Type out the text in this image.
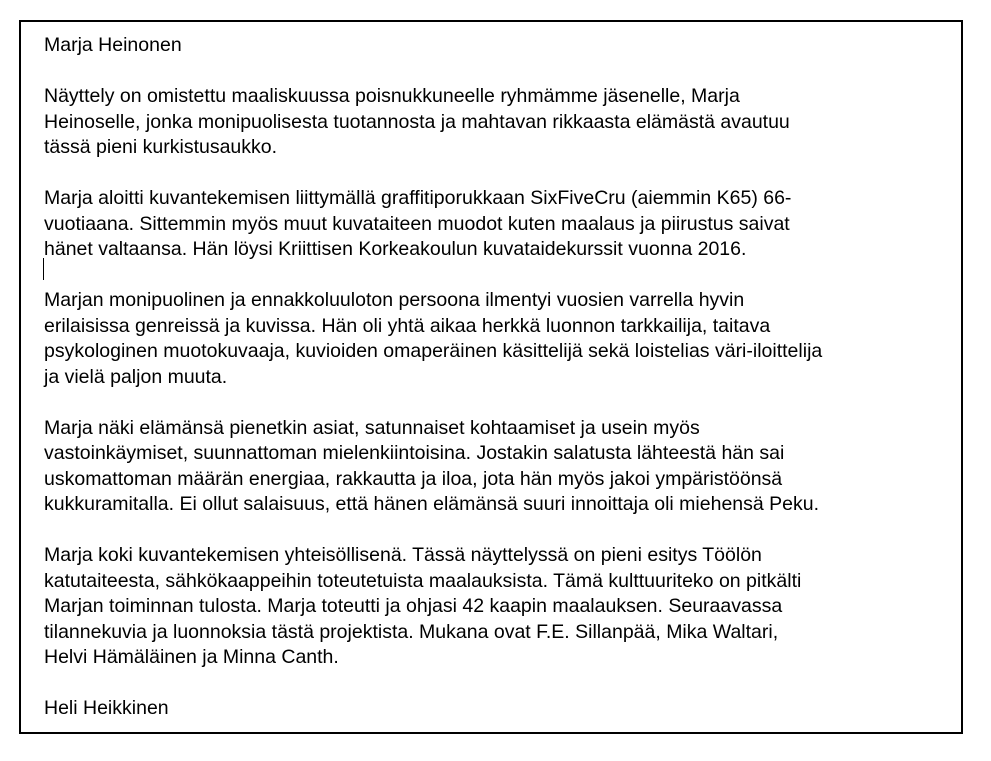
Marja Heinonen

Näyttely on omistettu maaliskuussa poisnukkuneelle ryhmämme jäsenelle, Marja
Heinoselle, jonka monipuolisesta tuotannosta ja mahtavan rikkaasta elämästä avautuu
tässä pieni kurkistusaukko.

Marja aloitti kuvantekemisen liittymällä graffitiporukkaan SixFiveCru (aiemmin K65) 66-
vuotiaana. Sittemmin myös muut kuvataiteen muodot kuten maalaus ja piirustus saivat
hänet valtaansa. Hän löysi Kriittisen Korkeakoulun kuvataidekurssit vuonna 2016.

Marjan monipuolinen ja ennakkoluuloton persoona ilmentyi vuosien varrella hyvin
erilaisissa genreissä ja kuvissa. Hän oli yhtä aikaa herkkä luonnon tarkkailija, taitava
psykologinen muotokuvaaja, kuvioiden omaperäinen käsittelijä sekä loistelias väri-iloittelija
ja vielä paljon muuta.

Marja näki elämänsä pienetkin asiat, satunnaiset kohtaamiset ja usein myös
vastoinkäymiset, suunnattoman mielenkiintoisina. Jostakin salatusta lähteestä hän sai
uskomattoman määrän energiaa, rakkautta ja iloa, jota hän myös jakoi ympäristöönsä
kukkuramitalla. Ei ollut salaisuus, että hänen elämänsä suuri innoittaja oli miehensä Peku.

Marja koki kuvantekemisen yhteisöllisenä. Tässä näyttelyssä on pieni esitys Töölön
katutaiteesta, sähkökaappeihin toteutetuista maalauksista. Tämä kulttuuriteko on pitkälti
Marjan toiminnan tulosta. Marja toteutti ja ohjasi 42 kaapin maalauksen. Seuraavassa
tilannekuvia ja luonnoksia tästä projektista. Mukana ovat F.E. Sillanpää, Mika Waltari,
Helvi Hämäläinen ja Minna Canth.

Heli Heikkinen
